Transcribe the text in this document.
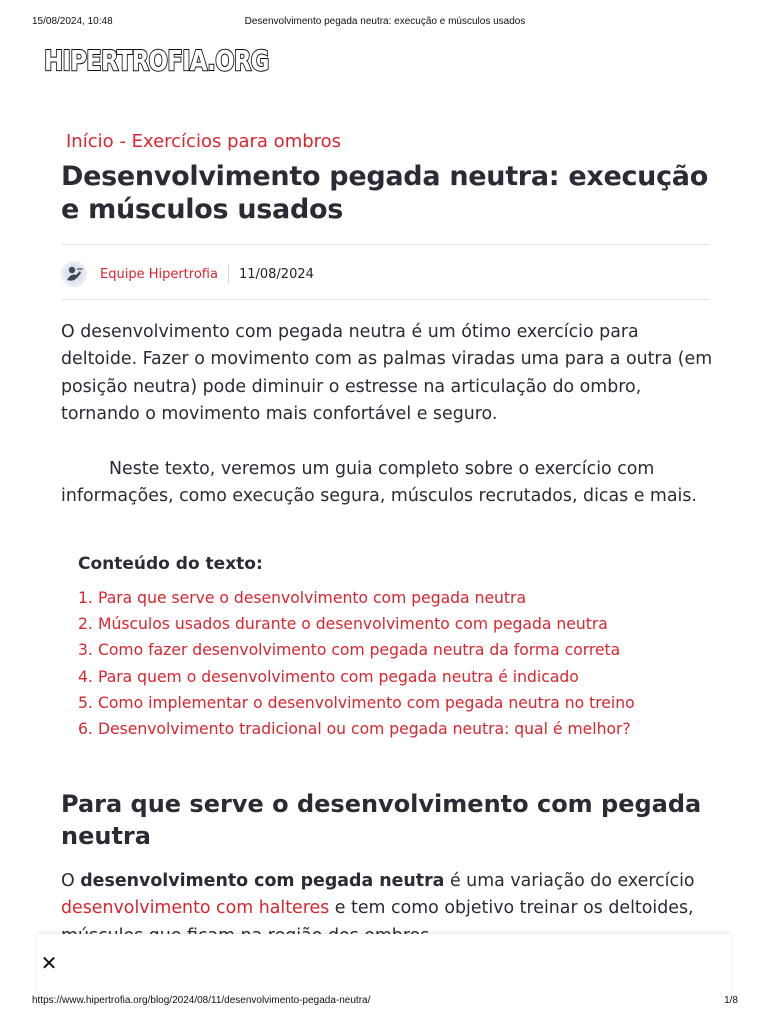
15/08/2024, 10:48	Desenvolvimento pegada neutra: execução e músculos usados
HIPERTROFIA.ORG
Início - Exercícios para ombros
Desenvolvimento pegada neutra: execução e músculos usados
Equipe Hipertrofia 11/08/2024

O desenvolvimento com pegada neutra é um ótimo exercício para deltoide. Fazer o movimento com as palmas viradas uma para a outra (em posição neutra) pode diminuir o estresse na articulação do ombro, tornando o movimento mais confortável e seguro.

Neste texto, veremos um guia completo sobre o exercício com informações, como execução segura, músculos recrutados, dicas e mais.

Conteúdo do texto:
1. Para que serve o desenvolvimento com pegada neutra
2. Músculos usados durante o desenvolvimento com pegada neutra
3. Como fazer desenvolvimento com pegada neutra da forma correta
4. Para quem o desenvolvimento com pegada neutra é indicado
5. Como implementar o desenvolvimento com pegada neutra no treino
6. Desenvolvimento tradicional ou com pegada neutra: qual é melhor?
Para que serve o desenvolvimento com pegada neutra

O desenvolvimento com pegada neutra é uma variação do exercício desenvolvimento com halteres e tem como objetivo treinar os deltoides,

✕
https://www.hipertrofia.org/blog/2024/08/11/desenvolvimento-pegada-neutra/	1/8
